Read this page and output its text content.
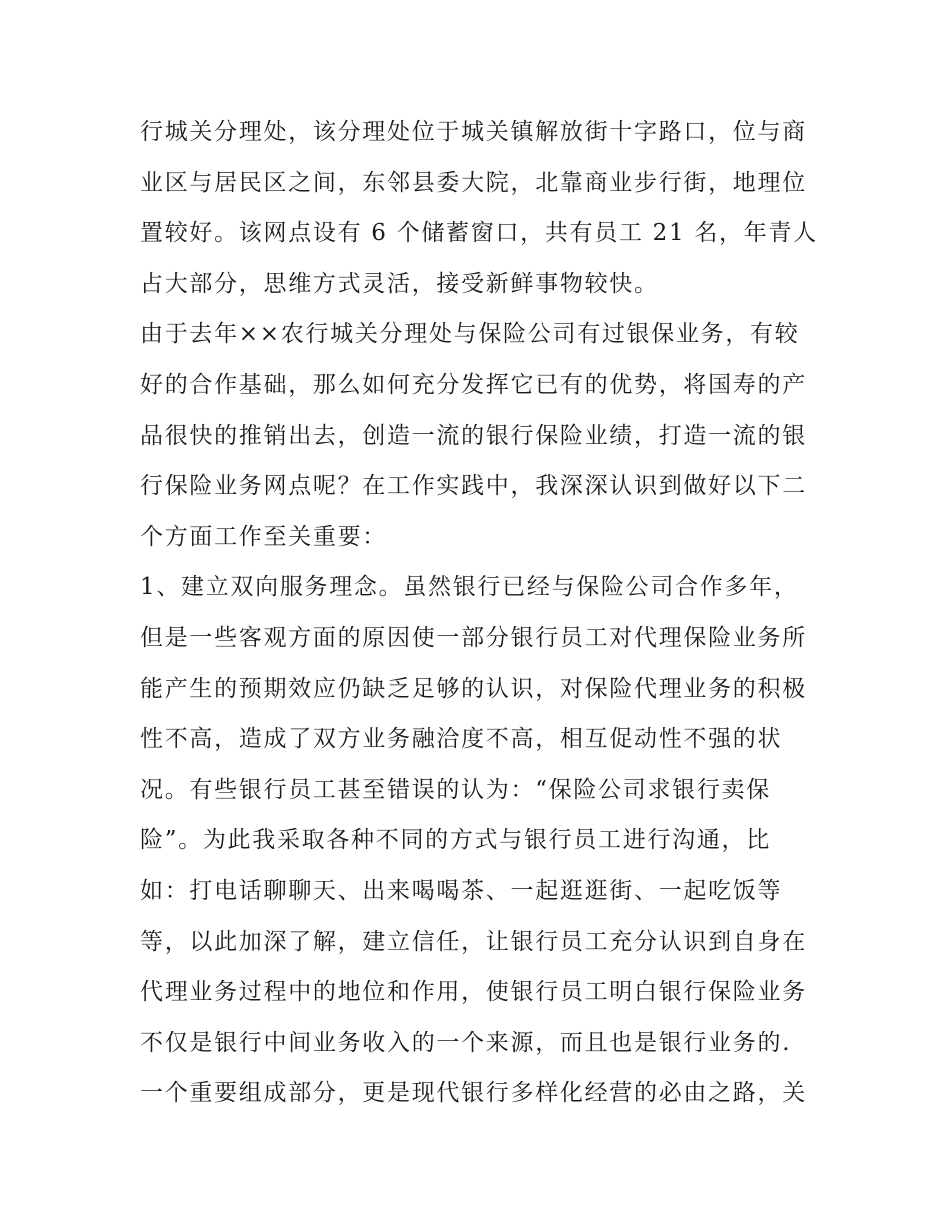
行城关分理处，该分理处位于城关镇解放街十字路口，位与商
业区与居民区之间，东邻县委大院，北靠商业步行街，地理位
置较好。该网点设有 6 个储蓄窗口，共有员工 21 名，年青人
占大部分，思维方式灵活，接受新鲜事物较快。
由于去年××农行城关分理处与保险公司有过银保业务，有较
好的合作基础，那么如何充分发挥它已有的优势，将国寿的产
品很快的推销出去，创造一流的银行保险业绩，打造一流的银
行保险业务网点呢？在工作实践中，我深深认识到做好以下二
个方面工作至关重要：
1、建立双向服务理念。虽然银行已经与保险公司合作多年，
但是一些客观方面的原因使一部分银行员工对代理保险业务所
能产生的预期效应仍缺乏足够的认识，对保险代理业务的积极
性不高，造成了双方业务融洽度不高，相互促动性不强的状
况。有些银行员工甚至错误的认为：“保险公司求银行卖保
险”。为此我采取各种不同的方式与银行员工进行沟通，比
如：打电话聊聊天、出来喝喝茶、一起逛逛街、一起吃饭等
等，以此加深了解，建立信任，让银行员工充分认识到自身在
代理业务过程中的地位和作用，使银行员工明白银行保险业务
不仅是银行中间业务收入的一个来源，而且也是银行业务的.
一个重要组成部分，更是现代银行多样化经营的必由之路，关
